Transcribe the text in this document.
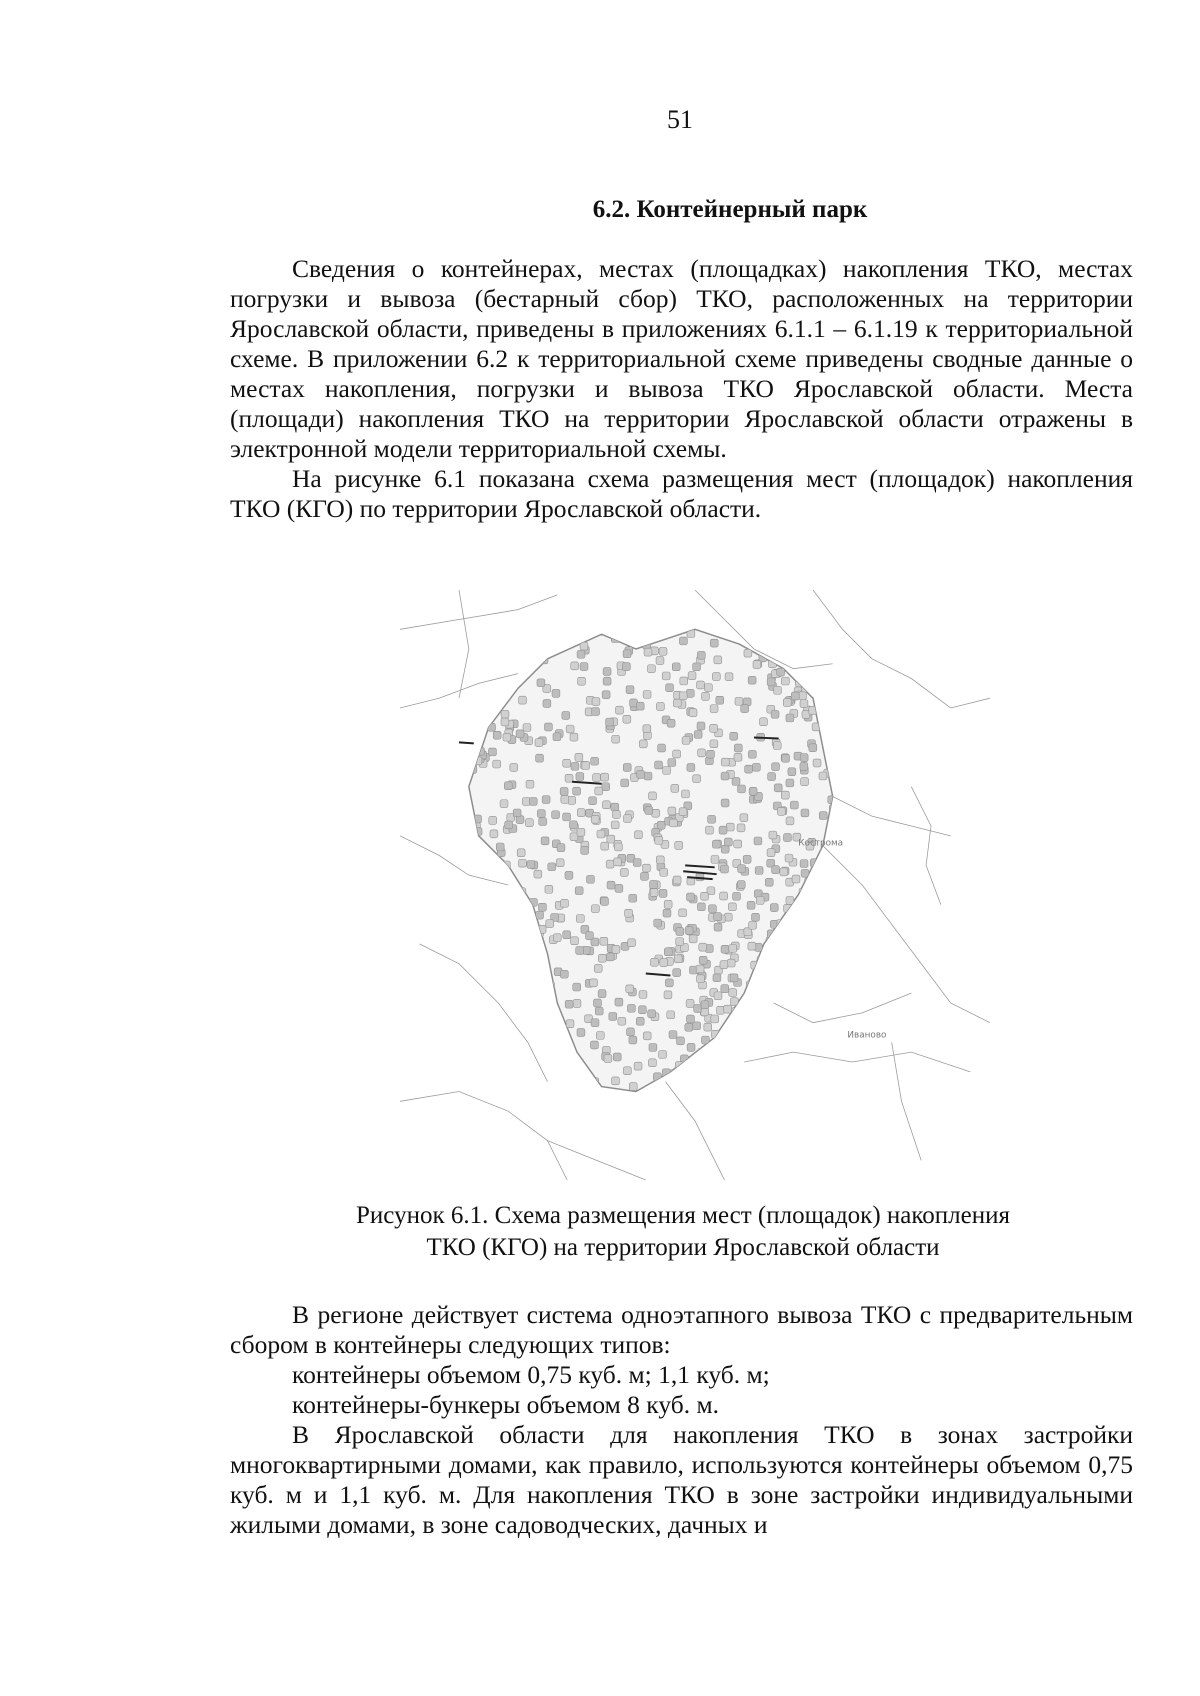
51
6.2. Контейнерный парк

Сведения о контейнерах, местах (площадках) накопления ТКО, местах погрузки и вывоза (бестарный сбор) ТКО, расположенных на территории Ярославской области, приведены в приложениях 6.1.1 – 6.1.19 к территориальной схеме. В приложении 6.2 к территориальной схеме приведены сводные данные о местах накопления, погрузки и вывоза ТКО Ярославской области. Места (площади) накопления ТКО на территории Ярославской области отражены в электронной модели территориальной схемы.

На рисунке 6.1 показана схема размещения мест (площадок) накопления ТКО (КГО) по территории Ярославской области.

Кострома
Иваново
Рисунок 6.1. Схема размещения мест (площадок) накопления
ТКО (КГО) на территории Ярославской области

В регионе действует система одноэтапного вывоза ТКО с предварительным сбором в контейнеры следующих типов:

контейнеры объемом 0,75 куб. м; 1,1 куб. м;
контейнеры-бункеры объемом 8 куб. м.

В Ярославской области для накопления ТКО в зонах застройки многоквартирными домами, как правило, используются контейнеры объемом 0,75 куб. м и 1,1 куб. м. Для накопления ТКО в зоне застройки индивидуальными жилыми домами, в зоне садоводческих, дачных и
